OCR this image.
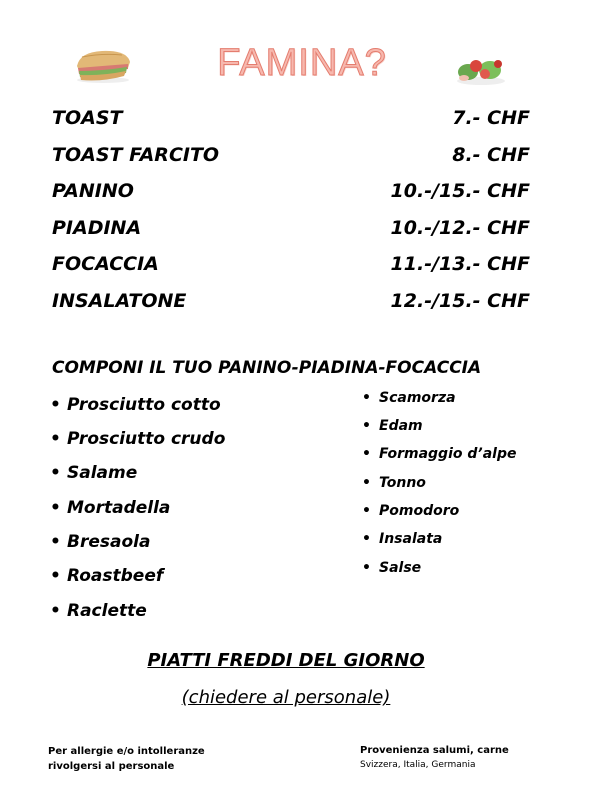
FAMINA?
TOAST	7.- CHF
TOAST FARCITO	8.- CHF
PANINO	10.-/15.- CHF
PIADINA	10.-/12.- CHF
FOCACCIA	11.-/13.- CHF
INSALATONE	12.-/15.- CHF
COMPONI IL TUO PANINO-PIADINA-FOCACCIA
• Prosciutto cotto
• Prosciutto crudo
• Salame
• Mortadella
• Bresaola
• Roastbeef
• Raclette
• Scamorza
• Edam
• Formaggio d’alpe
• Tonno
• Pomodoro
• Insalata
• Salse
PIATTI FREDDI DEL GIORNO
(chiedere al personale)
Per allergie e/o intolleranze
rivolgersi al personale
Provenienza salumi, carne
Svizzera, Italia, Germania
